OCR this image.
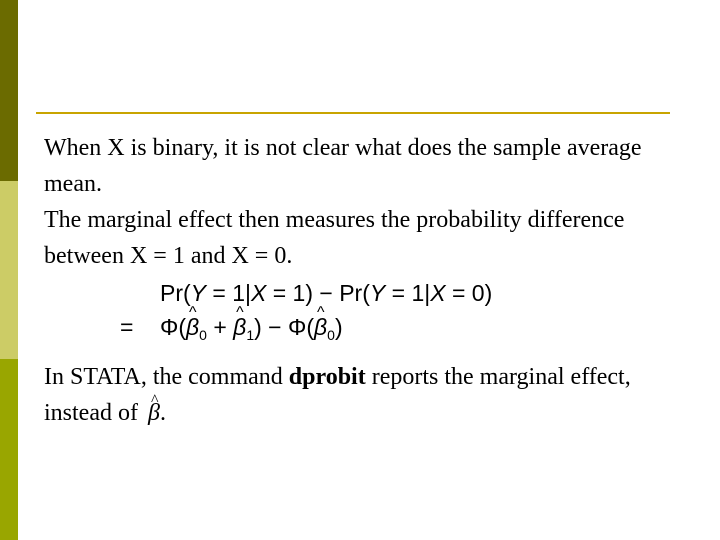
When X is binary, it is not clear what does the sample average mean.
The marginal effect then measures the probability difference between X = 1 and X = 0.
Pr(Y = 1|X = 1) − Pr(Y = 1|X = 0)
= Φ(^ $\beta_0$ + ^ $\beta_1$) − Φ(^ $\beta_0$)
In STATA, the command dprobit reports the marginal effect, instead of^ β.
